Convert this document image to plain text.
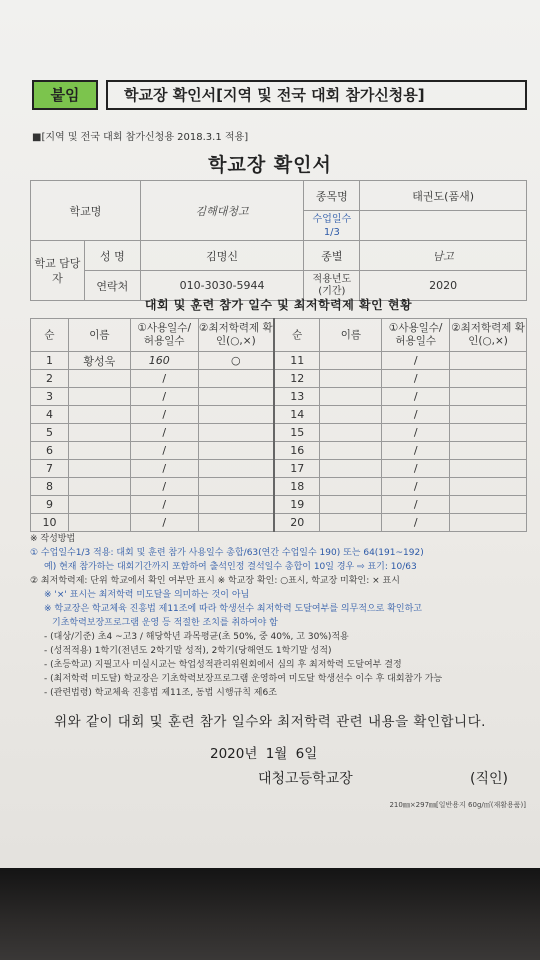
붙임	학교장 확인서[지역 및 전국 대회 참가신청용]
■[지역 및 전국 대회 참가신청용 2018.3.1 적용]
학교장 확인서
학교명		김해대청고	종목명	태권도(품새)
			수업일수 1/3	
학교 담당자	성 명	김명신	종별	남고
	연락처	010-3030-5944	적용년도 (기간)	2020
대회 및 훈련 참가 일수 및 최저학력제 확인 현황
순	이름	①사용일수/ 허용일수	②최저학력제 확인(○,×)	순	이름	①사용일수/ 허용일수	②최저학력제 확인(○,×)
1	황성욱	160	○	11		/	
2		/		12		/	
3		/		13		/	
4		/		14		/	
5		/		15		/	
6		/		16		/	
7		/		17		/	
8		/		18		/	
9		/		19		/	
10		/		20		/	
※ 작성방법
① 수업일수1/3 적용: 대회 및 훈련 참가 사용일수 총합/63(연간 수업일수 190) 또는 64(191~192)
예) 현재 참가하는 대회기간까지 포함하여 출석인정 결석일수 총합이 10일 경우 ⇨ 표기: 10/63
② 최저학력제: 단위 학교에서 확인 여부만 표시 ※ 학교장 확인: ○표시, 학교장 미확인: × 표시
※ '×' 표시는 최저학력 미도달을 의미하는 것이 아님
※ 학교장은 학교체육 진흥법 제11조에 따라 학생선수 최저학력 도달여부를 의무적으로 확인하고
기초학력보장프로그램 운영 등 적절한 조치를 취하여야 함
- (대상/기준) 초4 ~고3 / 해당학년 과목평균(초 50%, 중 40%, 고 30%)적용
- (성적적용) 1학기(전년도 2학기말 성적), 2학기(당해연도 1학기말 성적)
- (초등학교) 지필고사 미실시교는 학업성적관리위원회에서 심의 후 최저학력 도달여부 결정
- (최저학력 미도달) 학교장은 기초학력보장프로그램 운영하여 미도달 학생선수 이수 후 대회참가 가능
- (관련법령) 학교체육 진흥법 제11조, 동법 시행규칙 제6조
위와 같이 대회 및 훈련 참가 일수와 최저학력 관련 내용을 확인합니다.
2020년 1월 6일
대청고등학교장	(직인)
210㎜×297㎜[일반용지 60g/㎡(재활용품)]
